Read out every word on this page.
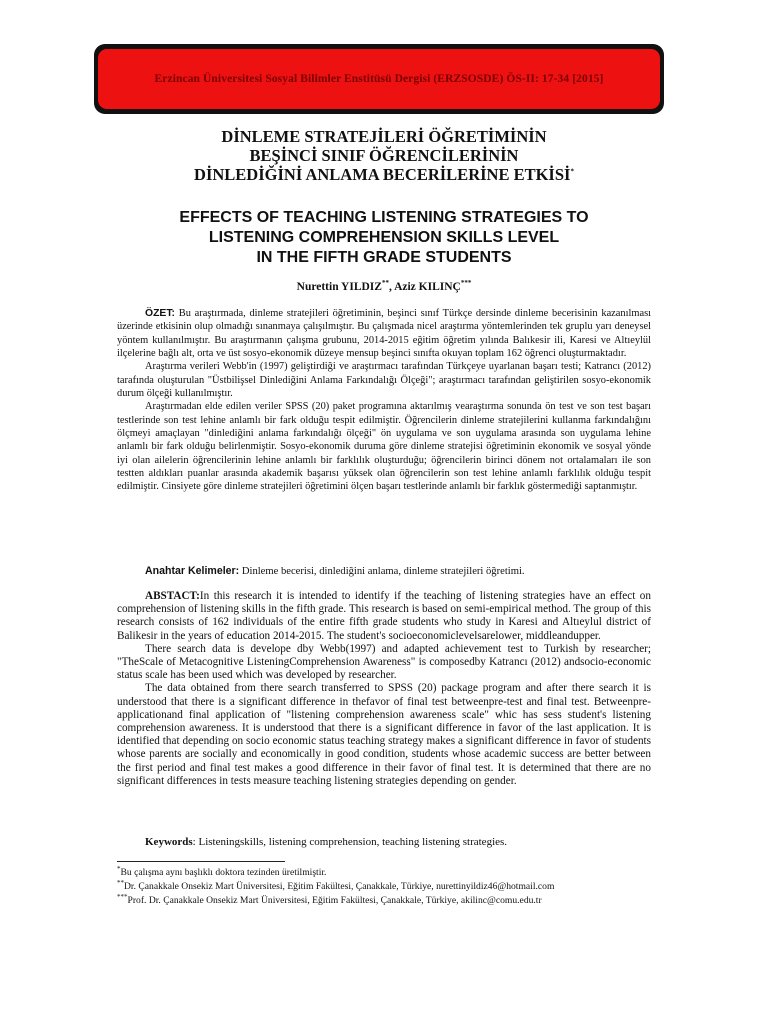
Erzincan Üniversitesi Sosyal Bilimler Enstitüsü Dergisi (ERZSOSDE) ÖS-II: 17-34 [2015]
DİNLEME STRATEJİLERİ ÖĞRETİMİNİN
BEŞİNCİ SINIF ÖĞRENCİLERİNİN
DİNLEDİĞİNİ ANLAMA BECERİLERİNE ETKİSİ*
EFFECTS OF TEACHING LISTENING STRATEGIES TO
LISTENING COMPREHENSION SKILLS LEVEL
IN THE FIFTH GRADE STUDENTS
Nurettin YILDIZ**, Aziz KILINÇ***

ÖZET: Bu araştırmada, dinleme stratejileri öğretiminin, beşinci sınıf Türkçe dersinde dinleme becerisinin kazanılması üzerinde etkisinin olup olmadığı sınanmaya çalışılmıştır. Bu çalışmada nicel araştırma yöntemlerinden tek gruplu yarı deneysel yöntem kullanılmıştır. Bu araştırmanın çalışma grubunu, 2014-2015 eğitim öğretim yılında Balıkesir ili, Karesi ve Altıeylül ilçelerine bağlı alt, orta ve üst sosyo-ekonomik düzeye mensup beşinci sınıfta okuyan toplam 162 öğrenci oluşturmaktadır.

Araştırma verileri Webb'in (1997) geliştirdiği ve araştırmacı tarafından Türkçeye uyarlanan başarı testi; Katrancı (2012) tarafında oluşturulan "Üstbilişsel Dinlediğini Anlama Farkındalığı Ölçeği"; araştırmacı tarafından geliştirilen sosyo-ekonomik durum ölçeği kullanılmıştır.

Araştırmadan elde edilen veriler SPSS (20) paket programına aktarılmış vearaştırma sonunda ön test ve son test başarı testlerinde son test lehine anlamlı bir fark olduğu tespit edilmiştir. Öğrencilerin dinleme stratejilerini kullanma farkındalığını ölçmeyi amaçlayan "dinlediğini anlama farkındalığı ölçeği" ön uygulama ve son uygulama arasında son uygulama lehine anlamlı bir fark olduğu belirlenmiştir. Sosyo-ekonomik duruma göre dinleme stratejisi öğretiminin ekonomik ve sosyal yönde iyi olan ailelerin öğrencilerinin lehine anlamlı bir farklılık oluşturduğu; öğrencilerin birinci dönem not ortalamaları ile son testten aldıkları puanlar arasında akademik başarısı yüksek olan öğrencilerin son test lehine anlamlı farklılık olduğu tespit edilmiştir. Cinsiyete göre dinleme stratejileri öğretimini ölçen başarı testlerinde anlamlı bir farklık göstermediği saptanmıştır.

Anahtar Kelimeler: Dinleme becerisi, dinlediğini anlama, dinleme stratejileri öğretimi.

ABSTACT:In this research it is intended to identify if the teaching of listening strategies have an effect on comprehension of listening skills in the fifth grade. This research is based on semi-empirical method. The group of this research consists of 162 individuals of the entire fifth grade students who study in Karesi and Altıeylul district of Balikesir in the years of education 2014-2015. The student's socioeconomiclevelsarelower, middleandupper.

There search data is develope dby Webb(1997) and adapted achievement test to Turkish by researcher; "TheScale of Metacognitive ListeningComprehension Awareness" is composedby Katrancı (2012) andsocio-economic status scale has been used which was developed by researcher.

The data obtained from there search transferred to SPSS (20) package program and after there search it is understood that there is a significant difference in thefavor of final test betweenpre-test and final test. Betweenpre-applicationand final application of "listening comprehension awareness scale" whic has sess student's listening comprehension awareness. It is understood that there is a significant difference in favor of the last application. It is identified that depending on socio economic status teaching strategy makes a significant difference in favor of students whose parents are socially and economically in good condition, students whose academic success are better between the first period and final test makes a good difference in their favor of final test. It is determined that there are no significant differences in tests measure teaching listening strategies depending on gender.

Keywords: Listeningskills, listening comprehension, teaching listening strategies.
*Bu çalışma aynı başlıklı doktora tezinden üretilmiştir.
**Dr. Çanakkale Onsekiz Mart Üniversitesi, Eğitim Fakültesi, Çanakkale, Türkiye, nurettinyildiz46@hotmail.com
***Prof. Dr. Çanakkale Onsekiz Mart Üniversitesi, Eğitim Fakültesi, Çanakkale, Türkiye, akilinc@comu.edu.tr
